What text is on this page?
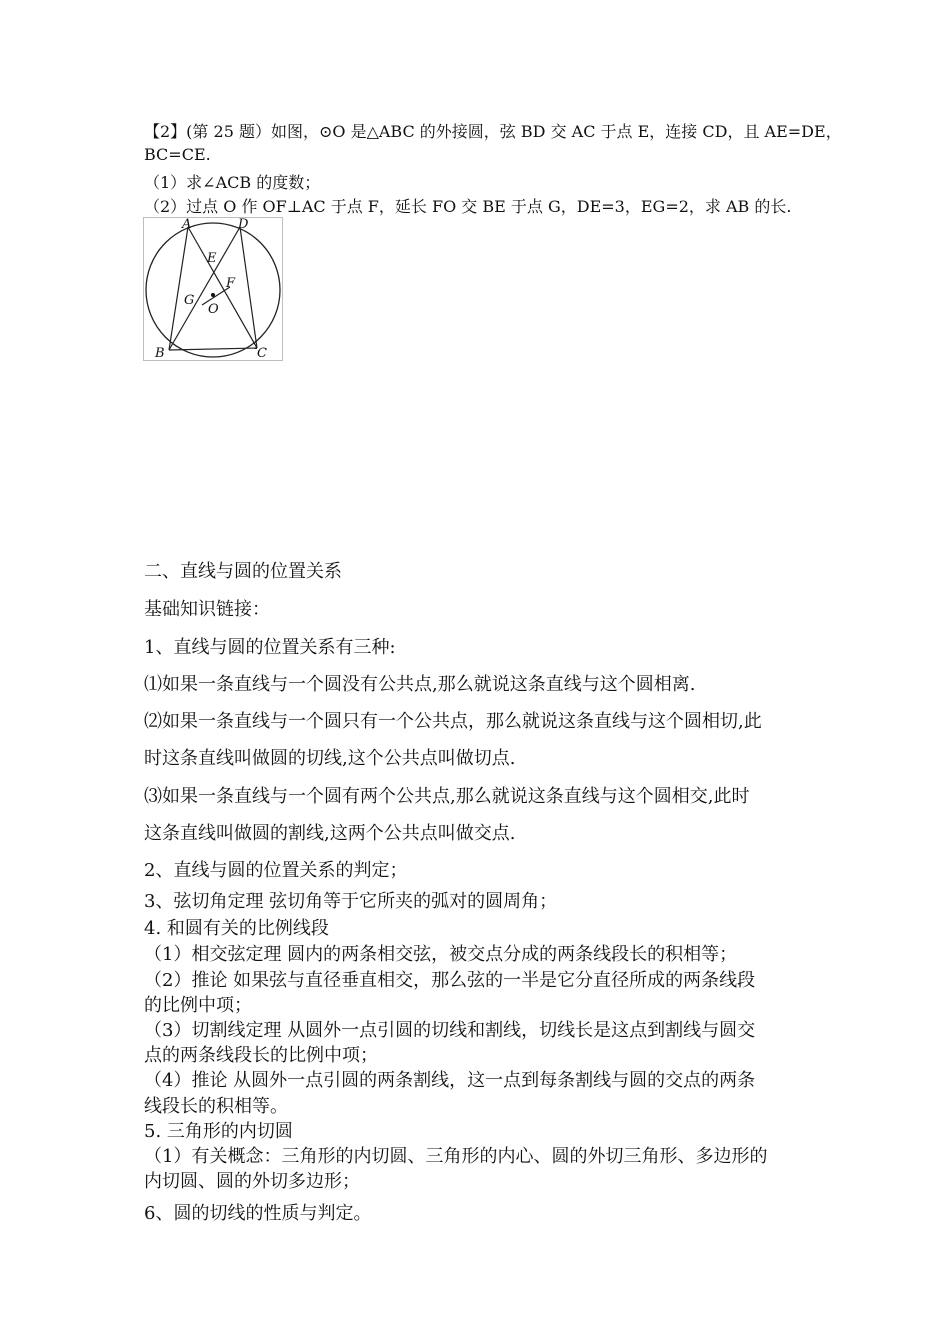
【2】(第 25 题）如图，⊙O 是△ABC 的外接圆，弦 BD 交 AC 于点 E，连接 CD，且 AE=DE，
BC=CE.
（1）求∠ACB 的度数；
（2）过点 O 作 OF⊥AC 于点 F，延长 FO 交 BE 于点 G，DE=3，EG=2，求 AB 的长.
A	D
E
F
G
O
B	C
二、直线与圆的位置关系
基础知识链接：
1、直线与圆的位置关系有三种:
⑴如果一条直线与一个圆没有公共点,那么就说这条直线与这个圆相离.
⑵如果一条直线与一个圆只有一个公共点，那么就说这条直线与这个圆相切,此
时这条直线叫做圆的切线,这个公共点叫做切点.
⑶如果一条直线与一个圆有两个公共点,那么就说这条直线与这个圆相交,此时
这条直线叫做圆的割线,这两个公共点叫做交点.
2、直线与圆的位置关系的判定；
3、弦切角定理 弦切角等于它所夹的弧对的圆周角；
4. 和圆有关的比例线段
（1）相交弦定理 圆内的两条相交弦，被交点分成的两条线段长的积相等；
（2）推论 如果弦与直径垂直相交，那么弦的一半是它分直径所成的两条线段
的比例中项；
（3）切割线定理 从圆外一点引圆的切线和割线，切线长是这点到割线与圆交
点的两条线段长的比例中项；
（4）推论 从圆外一点引圆的两条割线，这一点到每条割线与圆的交点的两条
线段长的积相等。
5. 三角形的内切圆
（1）有关概念：三角形的内切圆、三角形的内心、圆的外切三角形、多边形的
内切圆、圆的外切多边形；
6、圆的切线的性质与判定。
